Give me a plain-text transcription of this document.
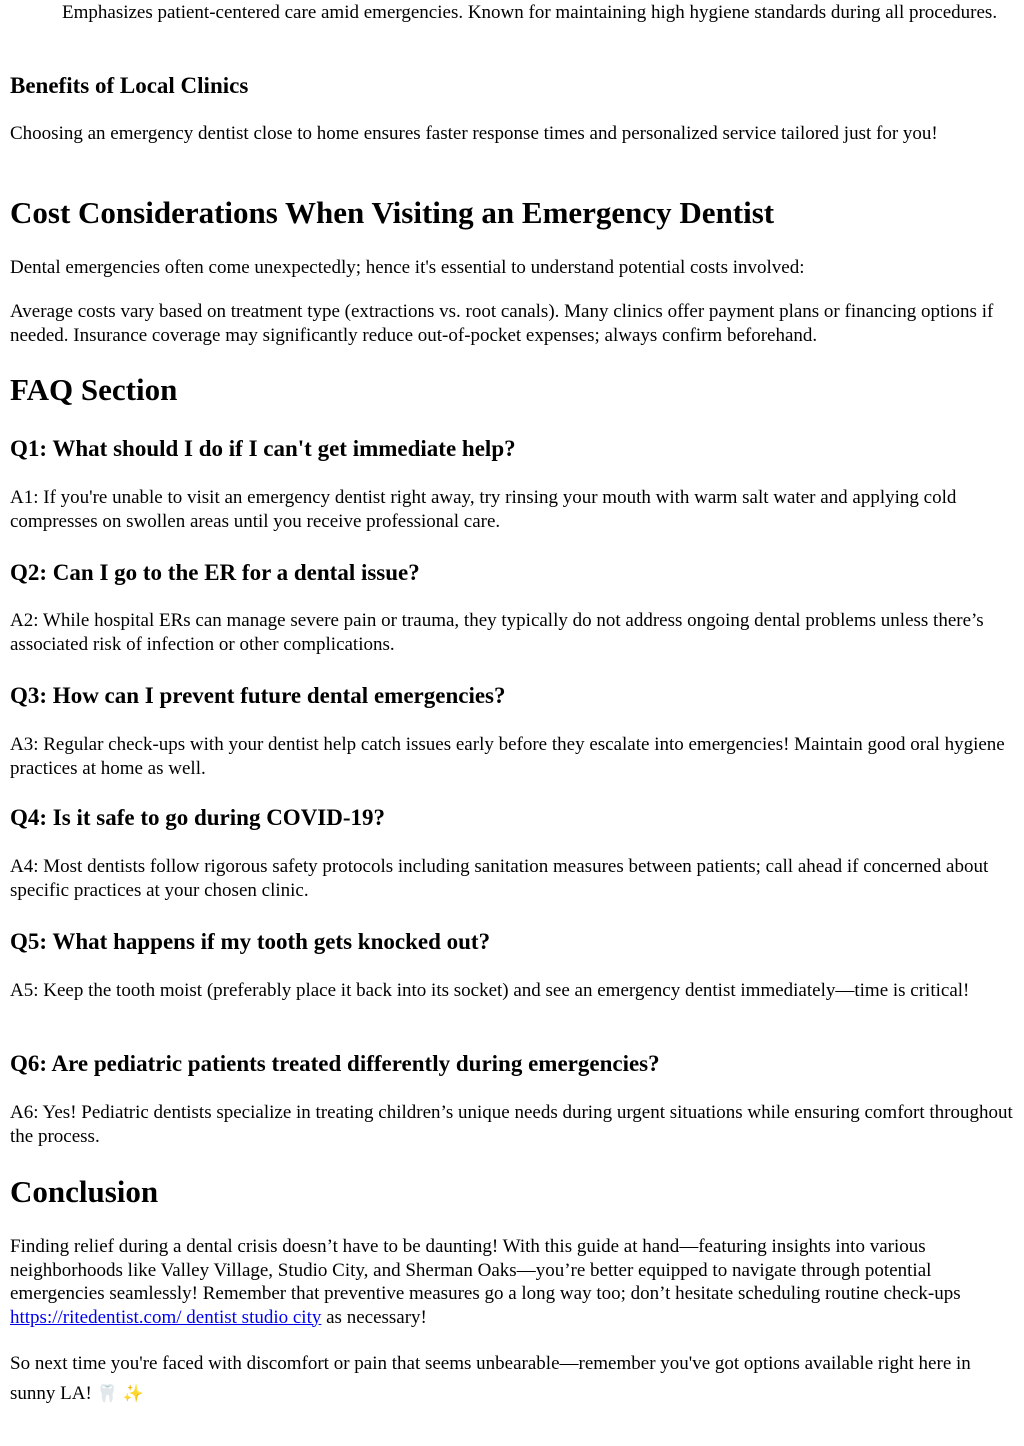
Emphasizes patient-centered care amid emergencies. Known for maintaining high hygiene standards during all procedures.

Benefits of Local Clinics

Choosing an emergency dentist close to home ensures faster response times and personalized service tailored just for you!

Cost Considerations When Visiting an Emergency Dentist

Dental emergencies often come unexpectedly; hence it's essential to understand potential costs involved:

Average costs vary based on treatment type (extractions vs. root canals). Many clinics offer payment plans or financing options if needed. Insurance coverage may significantly reduce out-of-pocket expenses; always confirm beforehand.

FAQ Section
Q1: What should I do if I can't get immediate help?

A1: If you're unable to visit an emergency dentist right away, try rinsing your mouth with warm salt water and applying cold compresses on swollen areas until you receive professional care.

Q2: Can I go to the ER for a dental issue?

A2: While hospital ERs can manage severe pain or trauma, they typically do not address ongoing dental problems unless there’s associated risk of infection or other complications.

Q3: How can I prevent future dental emergencies?

A3: Regular check-ups with your dentist help catch issues early before they escalate into emergencies! Maintain good oral hygiene practices at home as well.

Q4: Is it safe to go during COVID-19?

A4: Most dentists follow rigorous safety protocols including sanitation measures between patients; call ahead if concerned about specific practices at your chosen clinic.

Q5: What happens if my tooth gets knocked out?

A5: Keep the tooth moist (preferably place it back into its socket) and see an emergency dentist immediately—time is critical!

Q6: Are pediatric patients treated differently during emergencies?

A6: Yes! Pediatric dentists specialize in treating children’s unique needs during urgent situations while ensuring comfort throughout the process.

Conclusion

Finding relief during a dental crisis doesn’t have to be daunting! With this guide at hand—featuring insights into various neighborhoods like Valley Village, Studio City, and Sherman Oaks—you’re better equipped to navigate through potential emergencies seamlessly! Remember that preventive measures go a long way too; don’t hesitate scheduling routine check-ups https://ritedentist.com/ dentist studio city as necessary!

So next time you're faced with discomfort or pain that seems unbearable—remember you've got options available right here in sunny LA! 🦷 ✨
